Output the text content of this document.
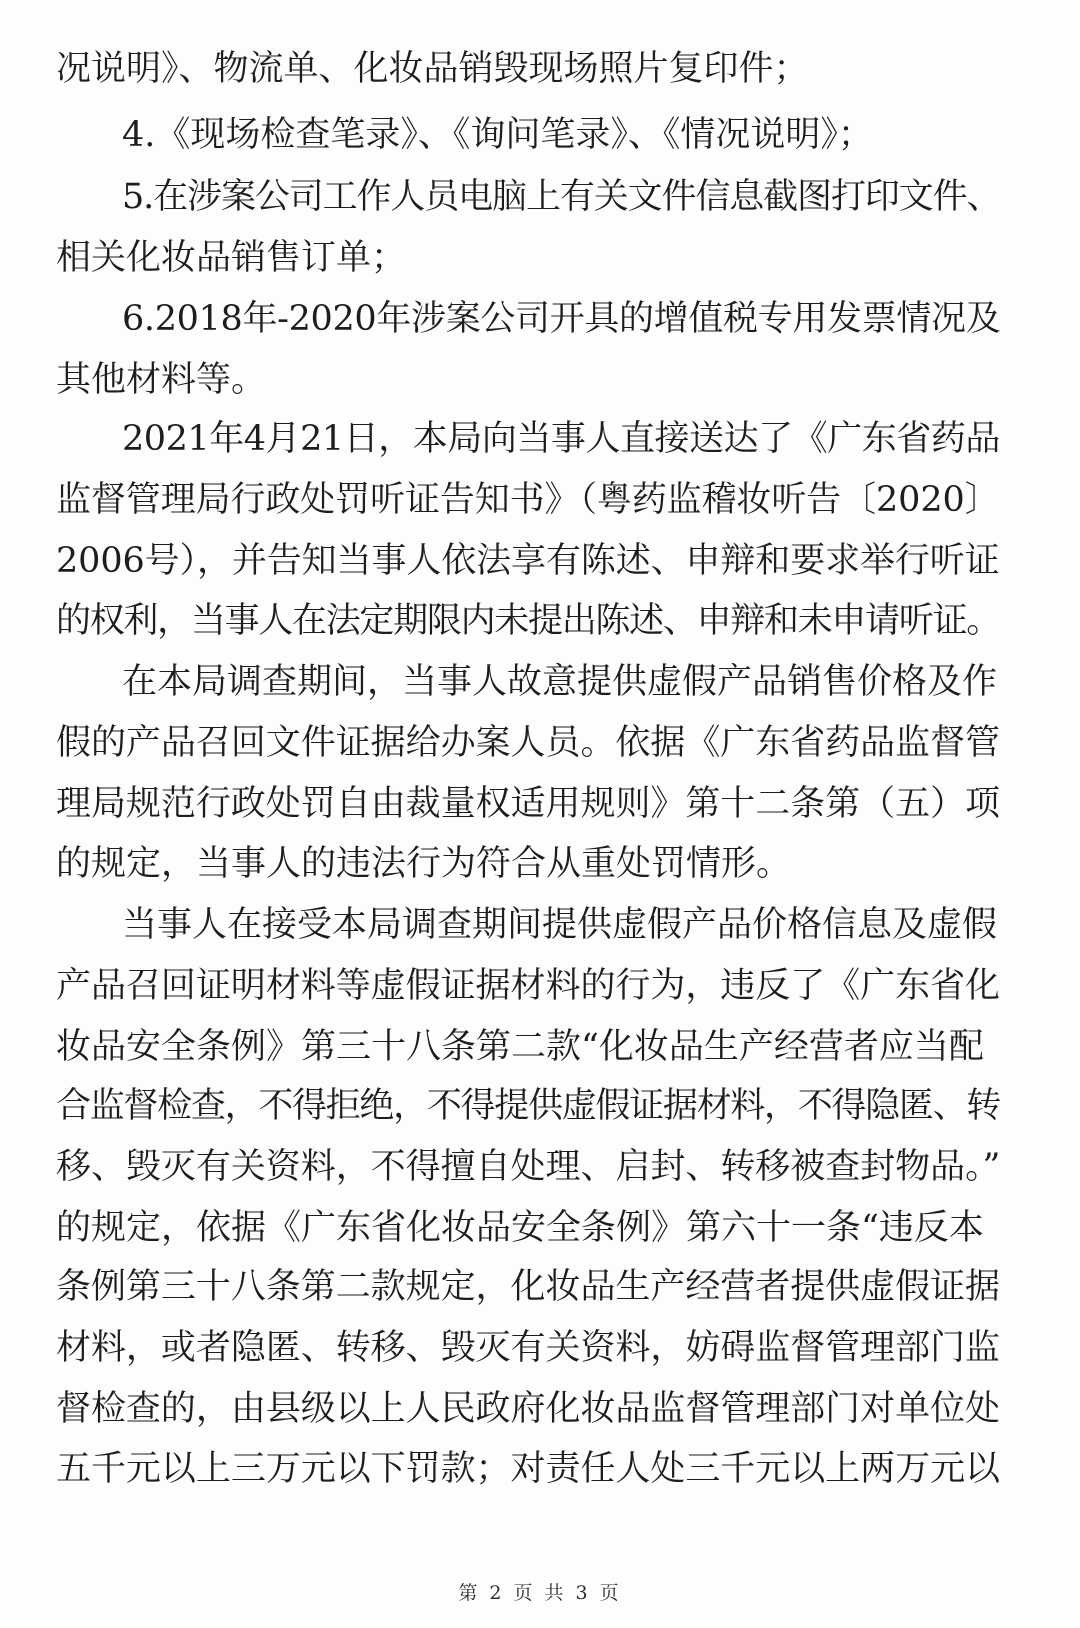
况说明》、物流单、化妆品销毁现场照片复印件；
4.《现场检查笔录》、《询问笔录》、《情况说明》；
5.在涉案公司工作人员电脑上有关文件信息截图打印文件、
相关化妆品销售订单；
6.2018年-2020年涉案公司开具的增值税专用发票情况及
其他材料等。
2021年4月21日，本局向当事人直接送达了《广东省药品
监督管理局行政处罚听证告知书》（粤药监稽妆听告〔2020〕
2006号），并告知当事人依法享有陈述、申辩和要求举行听证
的权利，当事人在法定期限内未提出陈述、申辩和未申请听证。
在本局调查期间，当事人故意提供虚假产品销售价格及作
假的产品召回文件证据给办案人员。依据《广东省药品监督管
理局规范行政处罚自由裁量权适用规则》第十二条第（五）项
的规定，当事人的违法行为符合从重处罚情形。
当事人在接受本局调查期间提供虚假产品价格信息及虚假
产品召回证明材料等虚假证据材料的行为，违反了《广东省化
妆品安全条例》第三十八条第二款“化妆品生产经营者应当配
合监督检查，不得拒绝，不得提供虚假证据材料，不得隐匿、转
移、毁灭有关资料，不得擅自处理、启封、转移被查封物品。”
的规定，依据《广东省化妆品安全条例》第六十一条“违反本
条例第三十八条第二款规定，化妆品生产经营者提供虚假证据
材料，或者隐匿、转移、毁灭有关资料，妨碍监督管理部门监
督检查的，由县级以上人民政府化妆品监督管理部门对单位处
五千元以上三万元以下罚款；对责任人处三千元以上两万元以
第 2 页 共 3 页
